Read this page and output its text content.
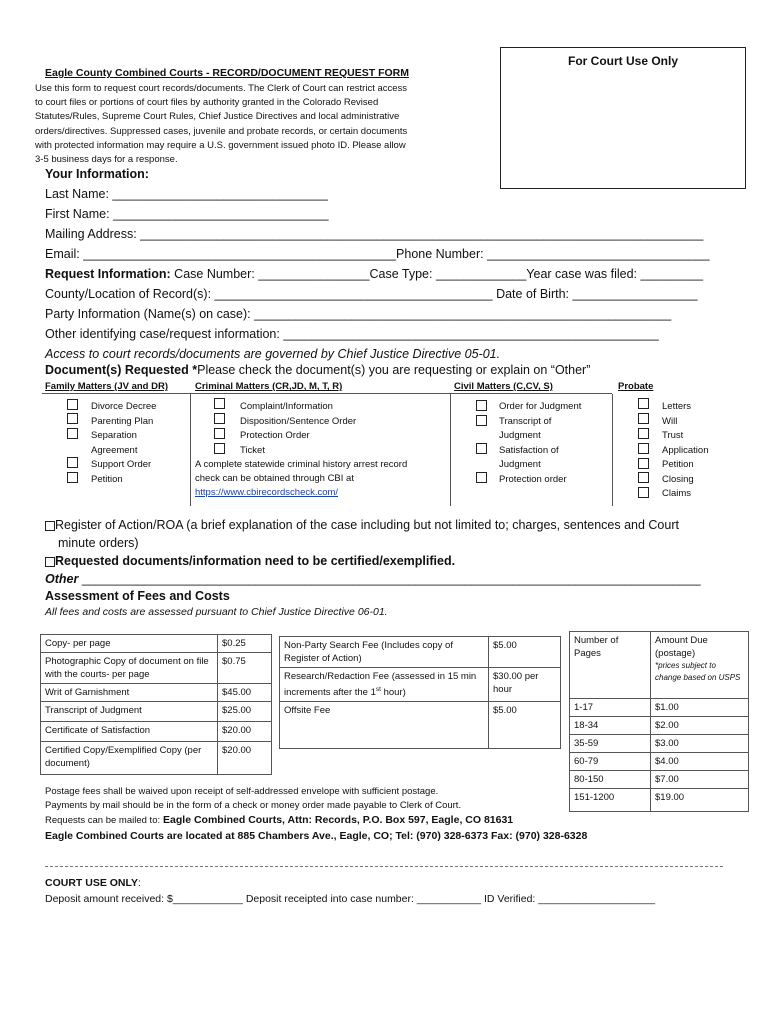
For Court Use Only
Eagle County Combined Courts - RECORD/DOCUMENT REQUEST FORM
Use this form to request court records/documents. The Clerk of Court can restrict access
to court files or portions of court files by authority granted in the Colorado Revised
Statutes/Rules, Supreme Court Rules, Chief Justice Directives and local administrative
orders/directives. Suppressed cases, juvenile and probate records, or certain documents
with protected information may require a U.S. government issued photo ID. Please allow
3-5 business days for a response.
Your Information:
Last Name: _______________________________
First Name: _______________________________
Mailing Address: _________________________________________________________________________________
Email: _____________________________________________Phone Number: ________________________________
Request Information: Case Number: ________________Case Type: _____________Year case was filed: _________
County/Location of Record(s): ________________________________________ Date of Birth: __________________
Party Information (Name(s) on case): ____________________________________________________________
Other identifying case/request information: ______________________________________________________
Access to court records/documents are governed by Chief Justice Directive 05-01.
Document(s) Requested *Please check the document(s) you are requesting or explain on “Other”
Family Matters (JV and DR)	Criminal Matters (CR,JD, M, T, R)	Civil Matters (C,CV, S)	Probate
Divorce Decree
Parenting Plan
Separation
Agreement
Support Order
Petition
Complaint/Information
Disposition/Sentence Order
Protection Order
Ticket
A complete statewide criminal history arrest record
check can be obtained through CBI at
https://www.cbirecordscheck.com/
Order for Judgment
Transcript of
Judgment
Satisfaction of
Judgment
Protection order
Letters
Will
Trust
Application
Petition
Closing
Claims
Register of Action/ROA (a brief explanation of the case including but not limited to; charges, sentences and Court
minute orders)
Requested documents/information need to be certified/exemplified.
Other _________________________________________________________________________________________
Assessment of Fees and Costs
All fees and costs are assessed pursuant to Chief Justice Directive 06-01.
Copy- per page	$0.25
Photographic Copy of document on file with the courts- per page	$0.75
Writ of Garnishment	$45.00
Transcript of Judgment	$25.00
Certificate of Satisfaction	$20.00
Certified Copy/Exemplified Copy (per document)	$20.00
Non-Party Search Fee (Includes copy of Register of Action)	$5.00
Research/Redaction Fee (assessed in 15 min increments after the 1st hour)	$30.00 per hour
Offsite Fee	$5.00
Number of Pages	Amount Due (postage)
*prices subject to change based on USPS

1-17	$1.00
18-34	$2.00
35-59	$3.00
60-79	$4.00
80-150	$7.00
151-1200	$19.00
Postage fees shall be waived upon receipt of self-addressed envelope with sufficient postage.
Payments by mail should be in the form of a check or money order made payable to Clerk of Court.
Requests can be mailed to: Eagle Combined Courts, Attn: Records, P.O. Box 597, Eagle, CO 81631
Eagle Combined Courts are located at 885 Chambers Ave., Eagle, CO; Tel: (970) 328-6373 Fax: (970) 328-6328
COURT USE ONLY:
Deposit amount received: $____________ Deposit receipted into case number: ___________ ID Verified: ____________________
